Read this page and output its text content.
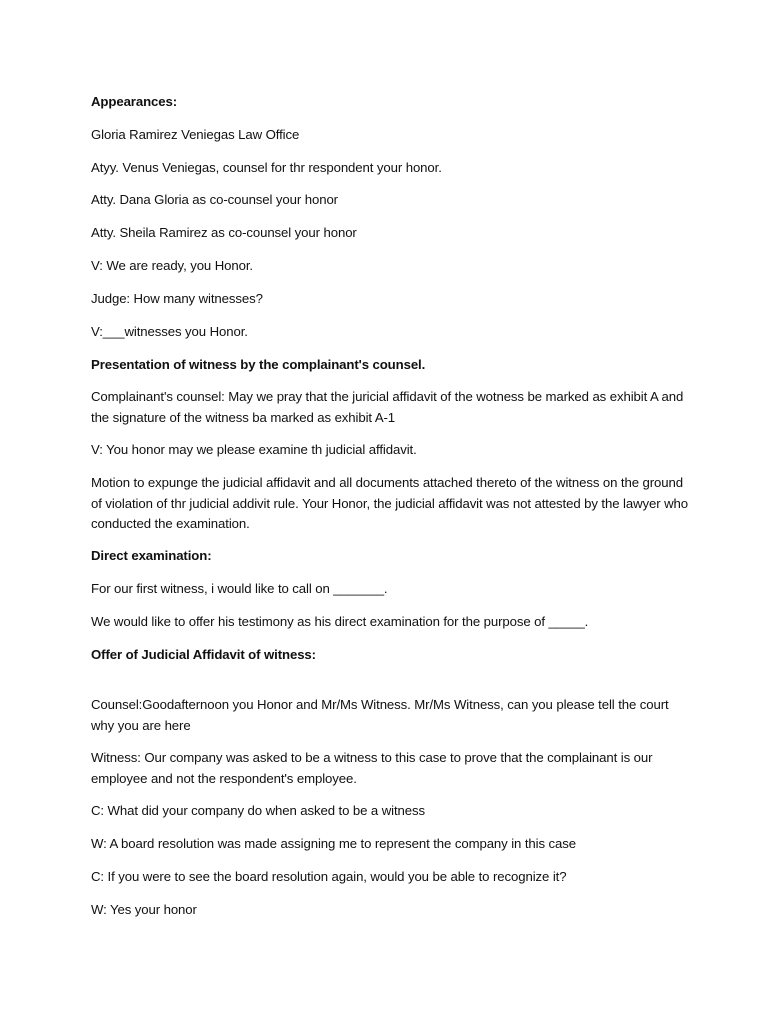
Appearances:

Gloria Ramirez Veniegas Law Office

Atyy. Venus Veniegas, counsel for thr respondent your honor.

Atty. Dana Gloria as co-counsel your honor

Atty. Sheila Ramirez as co-counsel your honor

V: We are ready, you Honor.

Judge: How many witnesses?

V:___witnesses you Honor.

Presentation of witness by the complainant's counsel.

Complainant's counsel: May we pray that the juricial affidavit of the wotness be marked as exhibit A and the signature of the witness ba marked as exhibit A-1

V: You honor may we please examine th judicial affidavit.

Motion to expunge the judicial affidavit and all documents attached thereto of the witness on the ground of violation of thr judicial addivit rule. Your Honor, the judicial affidavit was not attested by the lawyer who conducted the examination.

Direct examination:

For our first witness, i would like to call on _______.

We would like to offer his testimony as his direct examination for the purpose of _____.

Offer of Judicial Affidavit of witness:

Counsel:Goodafternoon you Honor and Mr/Ms Witness. Mr/Ms Witness, can you please tell the court why you are here

Witness: Our company was asked to be a witness to this case to prove that the complainant is our employee and not the respondent's employee.

C: What did your company do when asked to be a witness

W: A board resolution was made assigning me to represent the company in this case

C: If you were to see the board resolution again, would you be able to recognize it?

W: Yes your honor
